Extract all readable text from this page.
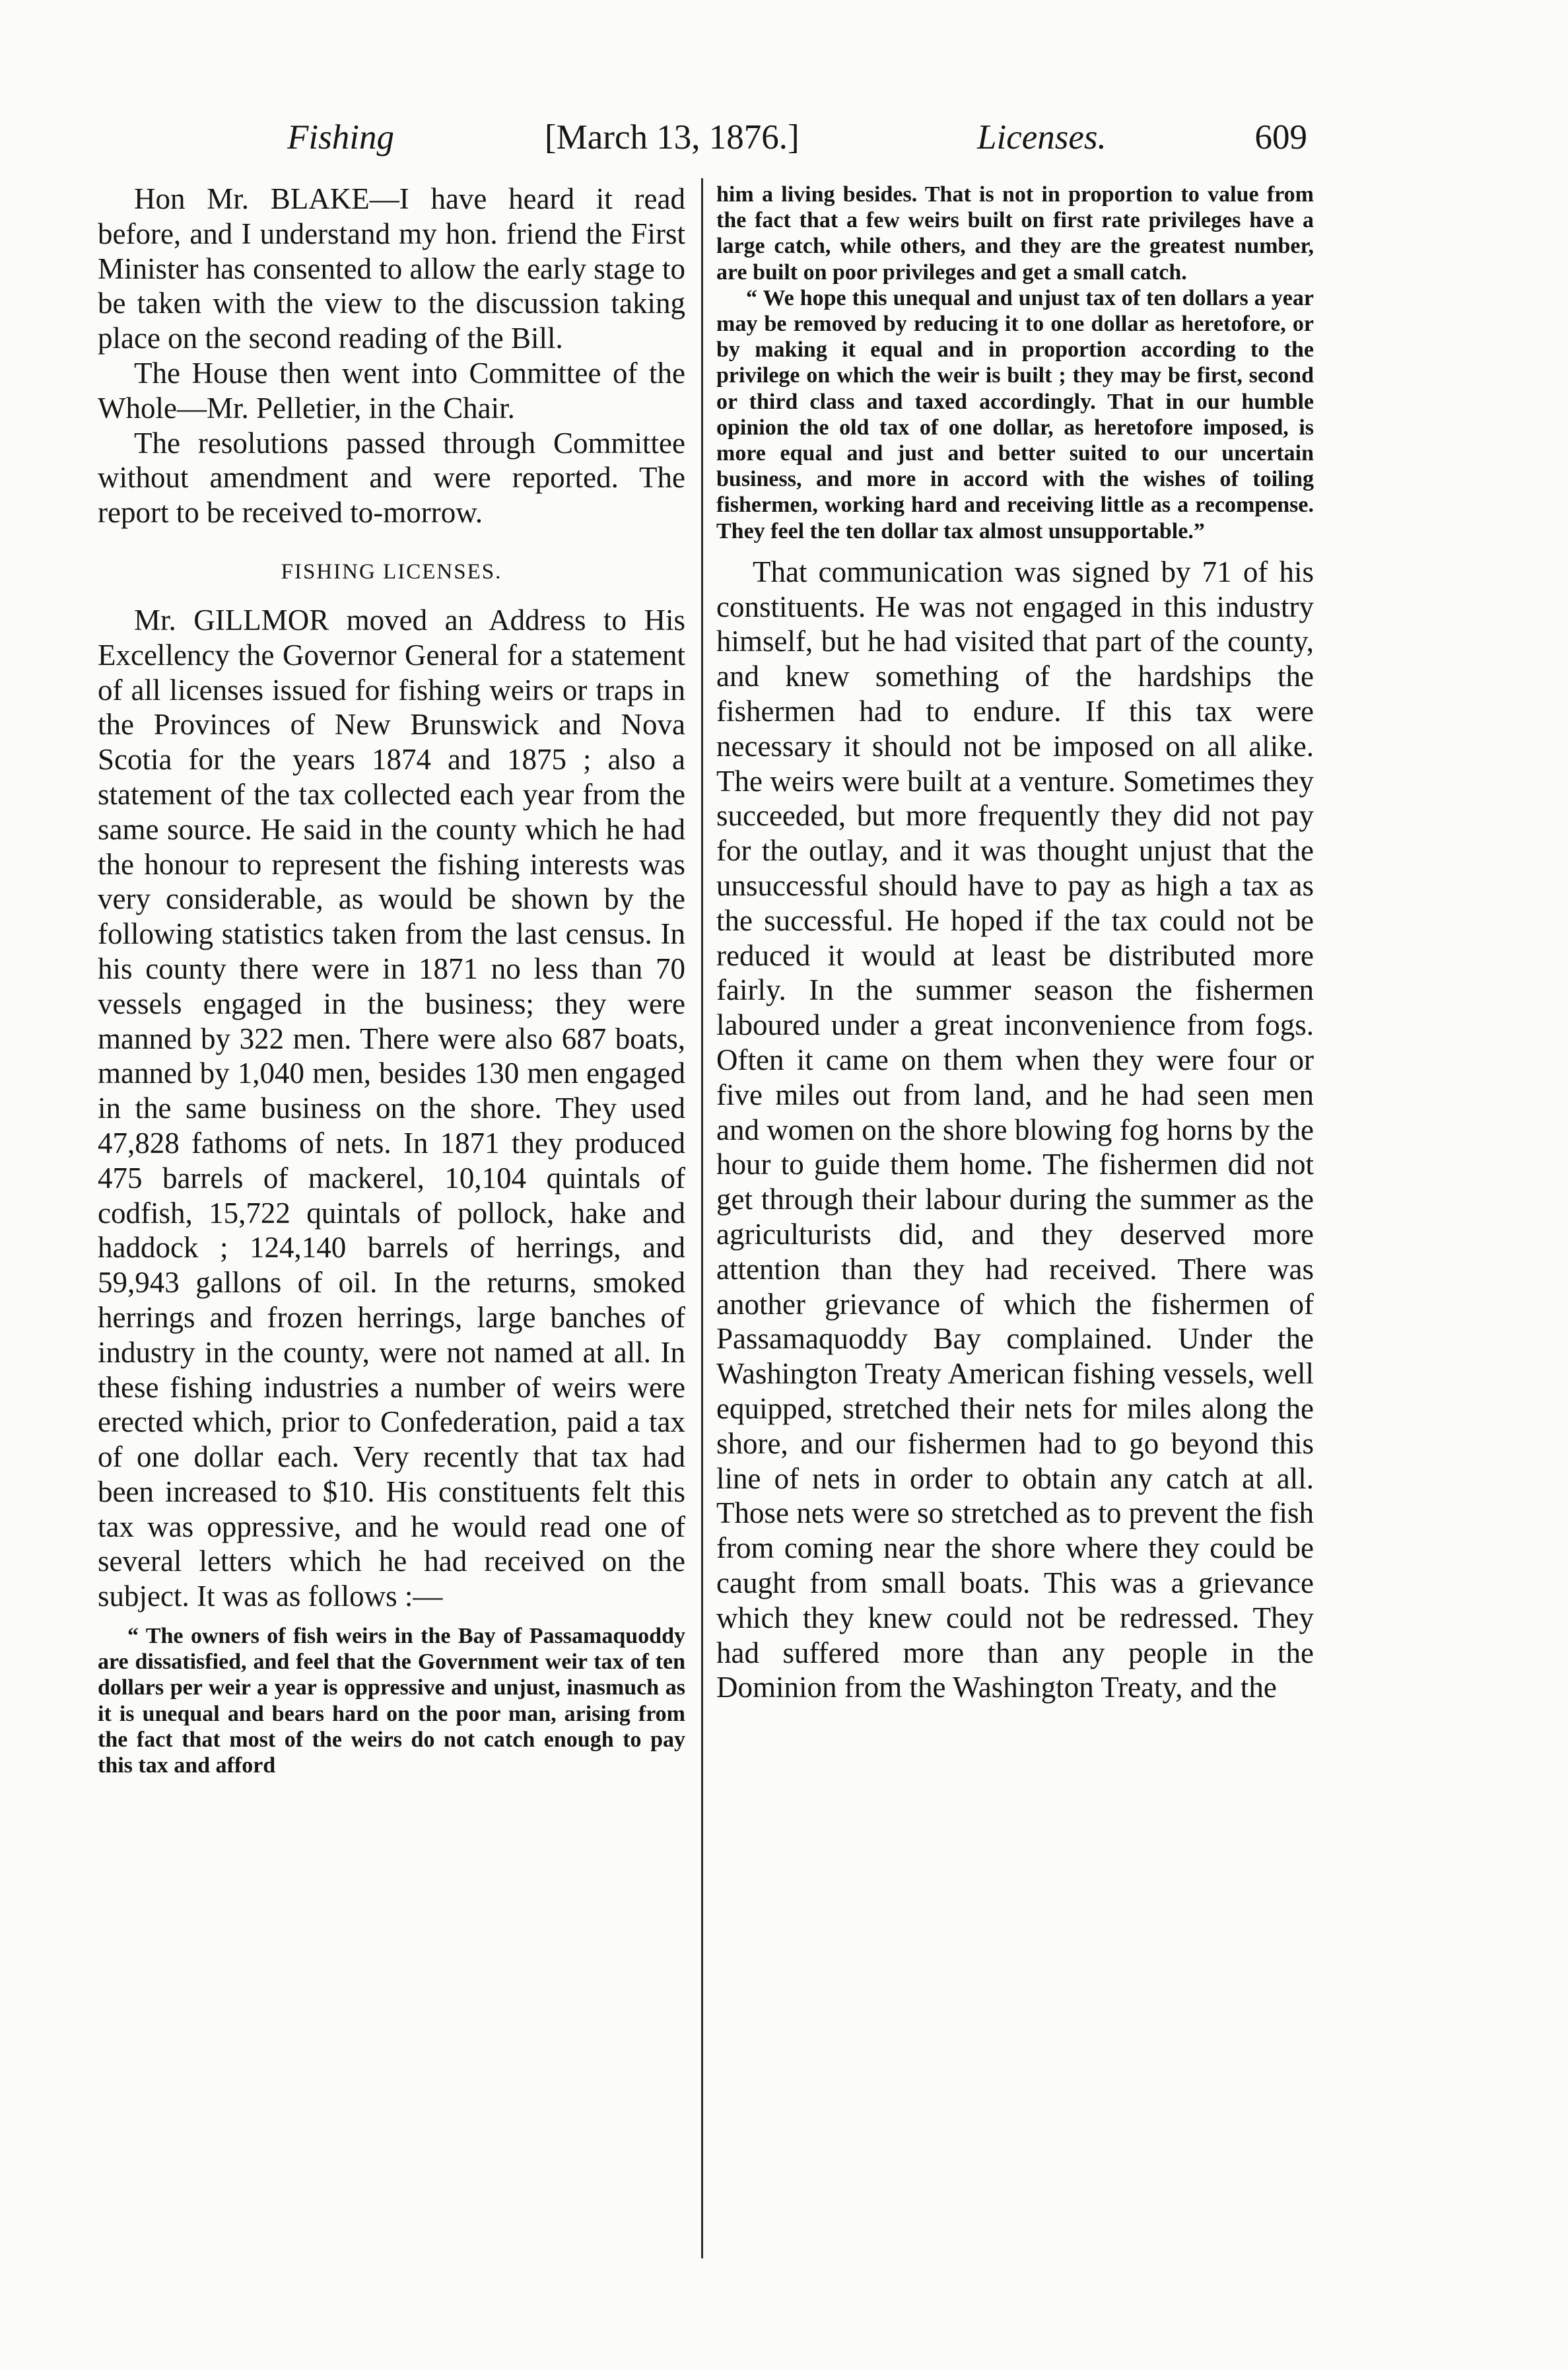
Fishing	[March 13, 1876.]	Licenses.	609

Hon Mr. BLAKE—I have heard it read before, and I understand my hon. friend the First Minister has consented to allow the early stage to be taken with the view to the discussion taking place on the second reading of the Bill.

The House then went into Committee of the Whole—Mr. Pelletier, in the Chair.

The resolutions passed through Committee without amendment and were reported. The report to be received to-morrow.

FISHING LICENSES.

Mr. GILLMOR moved an Address to His Excellency the Governor General for a statement of all licenses issued for fishing weirs or traps in the Provinces of New Brunswick and Nova Scotia for the years 1874 and 1875 ; also a statement of the tax collected each year from the same source. He said in the county which he had the honour to represent the fishing interests was very considerable, as would be shown by the following statistics taken from the last census. In his county there were in 1871 no less than 70 vessels engaged in the business; they were manned by 322 men. There were also 687 boats, manned by 1,040 men, besides 130 men engaged in the same business on the shore. They used 47,828 fathoms of nets. In 1871 they produced 475 barrels of mackerel, 10,104 quintals of codfish, 15,722 quintals of pollock, hake and haddock ; 124,140 barrels of herrings, and 59,943 gallons of oil. In the returns, smoked herrings and frozen herrings, large banches of industry in the county, were not named at all. In these fishing industries a number of weirs were erected which, prior to Confederation, paid a tax of one dollar each. Very recently that tax had been increased to $10. His constituents felt this tax was oppressive, and he would read one of several letters which he had received on the subject. It was as follows :—

“ The owners of fish weirs in the Bay of Passamaquoddy are dissatisfied, and feel that the Government weir tax of ten dollars per weir a year is oppressive and unjust, inasmuch as it is unequal and bears hard on the poor man, arising from the fact that most of the weirs do not catch enough to pay this tax and afford

him a living besides. That is not in proportion to value from the fact that a few weirs built on first rate privileges have a large catch, while others, and they are the greatest number, are built on poor privileges and get a small catch.

“ We hope this unequal and unjust tax of ten dollars a year may be removed by reducing it to one dollar as heretofore, or by making it equal and in proportion according to the privilege on which the weir is built ; they may be first, second or third class and taxed accordingly. That in our humble opinion the old tax of one dollar, as heretofore imposed, is more equal and just and better suited to our uncertain business, and more in accord with the wishes of toiling fishermen, working hard and receiving little as a recompense. They feel the ten dollar tax almost unsupportable.”

That communication was signed by 71 of his constituents. He was not engaged in this industry himself, but he had visited that part of the county, and knew something of the hardships the fishermen had to endure. If this tax were necessary it should not be imposed on all alike. The weirs were built at a venture. Sometimes they succeeded, but more frequently they did not pay for the outlay, and it was thought unjust that the unsuccessful should have to pay as high a tax as the successful. He hoped if the tax could not be reduced it would at least be distributed more fairly. In the summer season the fishermen laboured under a great inconvenience from fogs. Often it came on them when they were four or five miles out from land, and he had seen men and women on the shore blowing fog horns by the hour to guide them home. The fishermen did not get through their labour during the summer as the agriculturists did, and they deserved more attention than they had received. There was another grievance of which the fishermen of Passamaquoddy Bay complained. Under the Washington Treaty American fishing vessels, well equipped, stretched their nets for miles along the shore, and our fishermen had to go beyond this line of nets in order to obtain any catch at all. Those nets were so stretched as to prevent the fish from coming near the shore where they could be caught from small boats. This was a grievance which they knew could not be redressed. They had suffered more than any people in the Dominion from the Washington Treaty, and the
